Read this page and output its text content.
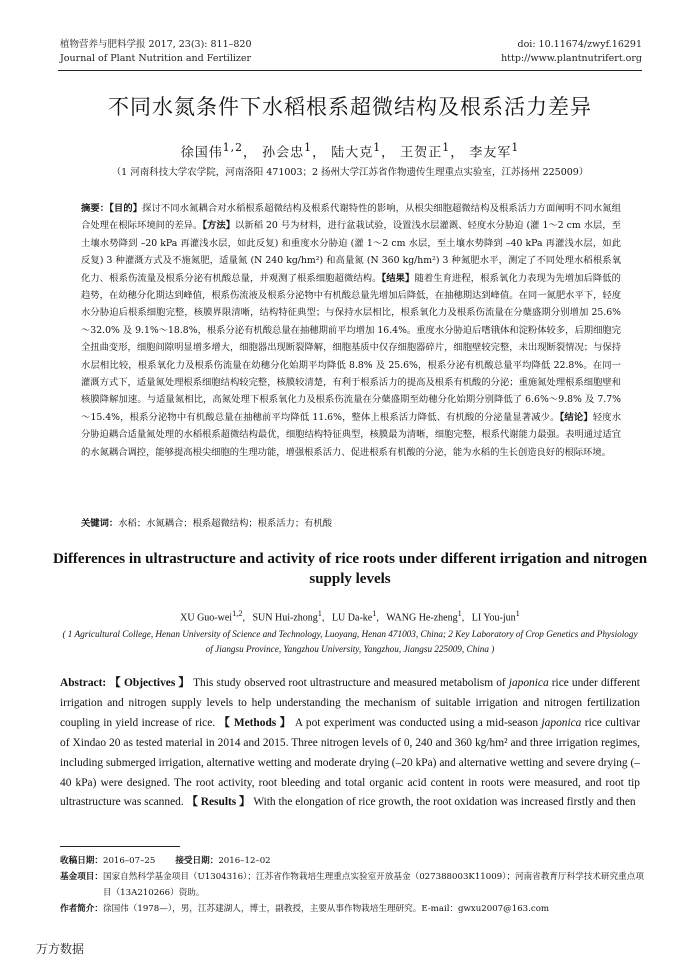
植物营养与肥料学报 2017, 23(3): 811–820
Journal of Plant Nutrition and Fertilizer
doi: 10.11674/zwyf.16291
http://www.plantnutrifert.org
不同水氮条件下水稻根系超微结构及根系活力差异
徐国伟$^{1,2}$， 孙会忠$^1$， 陆大克$^1$， 王贺正$^1$， 李友军$^1$
（1 河南科技大学农学院，河南洛阳 471003；2 扬州大学江苏省作物遗传生理重点实验室，江苏扬州 225009）
摘要：【目的】探讨不同水氮耦合对水稻根系超微结构及根系代谢特性的影响，从根尖细胞超微结构及根系活力方面阐明不同水氮组合处理在根际环境间的差异。【方法】以新稻 20 号为材料，进行盆栽试验，设置浅水层灌溉、轻度水分胁迫 (灌 1～2 cm 水层，至土壤水势降到 –20 kPa 再灌浅水层，如此反复) 和重度水分胁迫 (灌 1～2 cm 水层，至土壤水势降到 –40 kPa 再灌浅水层，如此反复) 3 种灌溉方式及不施氮肥，适量氮 (N 240 kg/hm²) 和高量氮 (N 360 kg/hm²) 3 种氮肥水平，测定了不同处理水稻根系氧化力、根系伤流量及根系分泌有机酸总量，并观测了根系细胞超微结构。【结果】随着生育进程，根系氧化力表现为先增加后降低的趋势，在幼穗分化期达到峰值，根系伤流液及根系分泌物中有机酸总量先增加后降低，在抽穗期达到峰值。在同一氮肥水平下，轻度水分胁迫后根系细胞完整，核膜界限清晰，结构特征典型；与保持水层相比，根系氧化力及根系伤流量在分蘖盛期分别增加 25.6%～32.0% 及 9.1%～18.8%，根系分泌有机酸总量在抽穗期前平均增加 16.4%。重度水分胁迫后嗜锇体和淀粉体较多，后期细胞完全扭曲变形，细胞间隙明显增多增大，细胞器出现断裂降解，细胞基质中仅存细胞器碎片，细胞壁较完整，未出现断裂情况；与保持水层相比较，根系氧化力及根系伤流量在幼穗分化始期平均降低 8.8% 及 25.6%，根系分泌有机酸总量平均降低 22.8%。在同一灌溉方式下，适量氮处理根系细胞结构较完整，核膜较清楚，有利于根系活力的提高及根系有机酸的分泌；重施氮处理根系细胞壁和核膜降解加速。与适量氮相比，高氮处理下根系氧化力及根系伤流量在分蘖盛期至幼穗分化始期分别降低了 6.6%～9.8% 及 7.7%～15.4%，根系分泌物中有机酸总量在抽穗前平均降低 11.6%，整体上根系活力降低、有机酸的分泌量显著减少。【结论】轻度水分胁迫耦合适量氮处理的水稻根系超微结构最优，细胞结构特征典型，核膜最为清晰，细胞完整，根系代谢能力最强。表明通过适宜的水氮耦合调控，能够提高根尖细胞的生理功能，增强根系活力、促进根系有机酸的分泌，能为水稻的生长创造良好的根际环境。
关键词：水稻；水氮耦合；根系超微结构；根系活力；有机酸
Differences in ultrastructure and activity of rice roots under different irrigation and nitrogen supply levels
XU Guo-wei$^{1,2}$, SUN Hui-zhong$^1$, LU $Da-ke^1$, WANG He-zheng$^1$, LI You-jun$^1$
( 1 Agricultural College, Henan University of Science and Technology, Luoyang, Henan 471003, China; 2 Key Laboratory of Crop Genetics and Physiology of Jiangsu Province, Yangzhou University, Yangzhou, Jiangsu 225009, China )
Abstract: 【 Objectives 】 This study observed root ultrastructure and measured metabolism of japonica rice under different irrigation and nitrogen supply levels to help understanding the mechanism of suitable irrigation and nitrogen fertilization coupling in yield increase of rice. 【 Methods 】 A pot experiment was conducted using a mid-season japonica rice cultivar of Xindao 20 as tested material in 2014 and 2015. Three nitrogen levels of 0, 240 and 360 kg/hm² and three irrigation regimes, including submerged irrigation, alternative wetting and moderate drying (–20 kPa) and alternative wetting and severe drying (–40 kPa) were designed. The root activity, root bleeding and total organic acid content in roots were measured, and root tip ultrastructure was scanned. 【 Results 】 With the elongation of rice growth, the root oxidation was increased firstly and then
收稿日期： 2016–07–25 接受日期： 2016–12–02
基金项目： 国家自然科学基金项目（U1304316）；江苏省作物栽培生理重点实验室开放基金（027388003K11009）；河南省教育厅科学技术研究重点项目（13A210266）资助。
作者简介： 徐国伟（1978—），男，江苏建湖人，博士，副教授，主要从事作物栽培生理研究。E-mail：gwxu2007@163.com
万方数据
